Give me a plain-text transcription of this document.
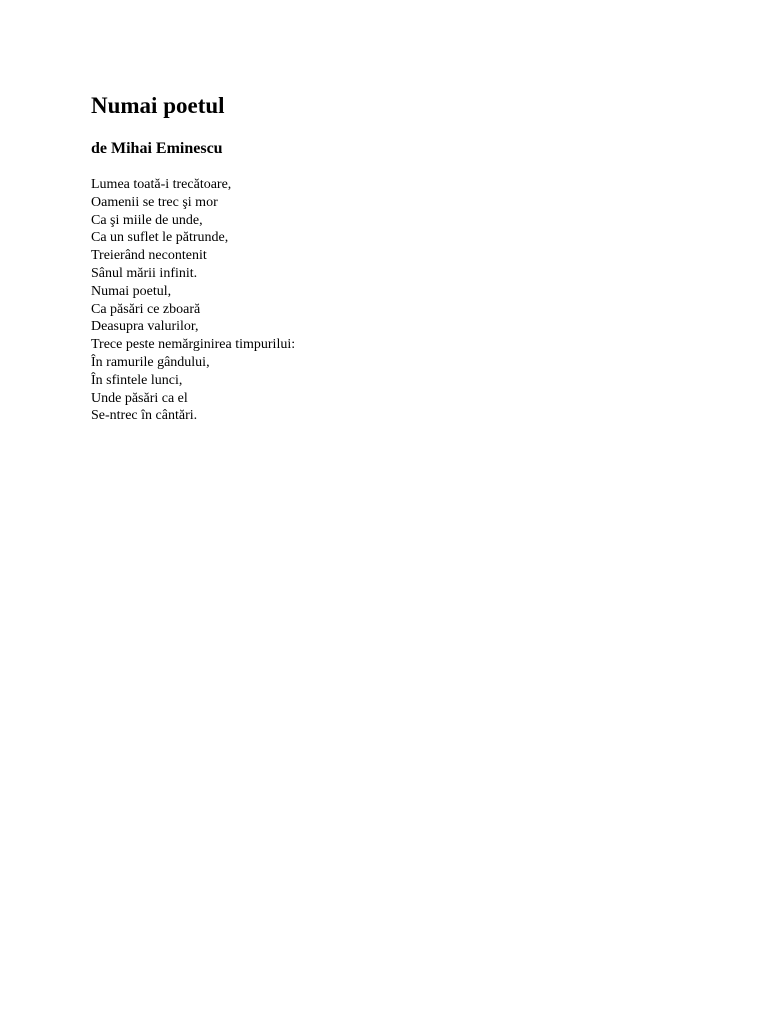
Numai poetul
de Mihai Eminescu
Lumea toată-i trecătoare,
Oamenii se trec şi mor
Ca şi miile de unde,
Ca un suflet le pătrunde,
Treierând necontenit
Sânul mării infinit.
Numai poetul,
Ca păsări ce zboară
Deasupra valurilor,
Trece peste nemărginirea timpurilui:
În ramurile gândului,
În sfintele lunci,
Unde păsări ca el
Se-ntrec în cântări.
